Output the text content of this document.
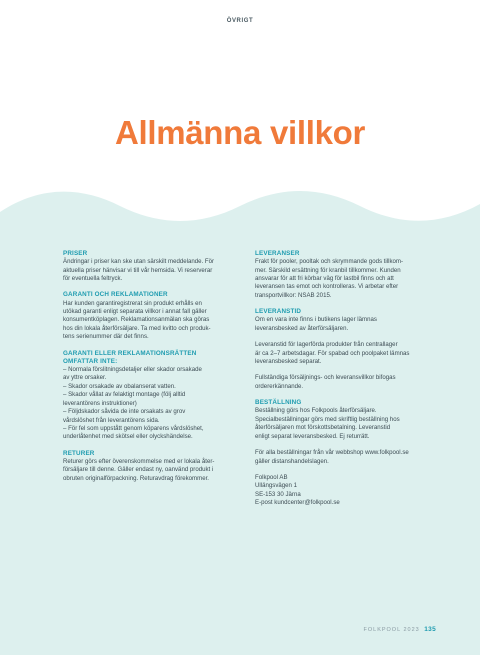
ÖVRIGT
Allmänna villkor
PRISER
Ändringar i priser kan ske utan särskilt meddelande. För
aktuella priser hänvisar vi till vår hemsida. Vi reserverar
för eventuella feltryck.
GARANTI OCH REKLAMATIONER
Har kunden garantiregistrerat sin produkt erhålls en
utökad garanti enligt separata villkor i annat fall gäller
konsumentköplagen. Reklamationsanmälan ska göras
hos din lokala återförsäljare. Ta med kvitto och produk-
tens serienummer där det finns.
GARANTI ELLER REKLAMATIONSRÄTTEN
OMFATTAR INTE:
– Normala förslitningsdetaljer eller skador orsakade
av yttre orsaker.
– Skador orsakade av obalanserat vatten.
– Skador vållat av felaktigt montage (följ alltid
leverantörens instruktioner)
– Följdskador såvida de inte orsakats av grov
vårdslöshet från leverantörens sida.
– För fel som uppstått genom köparens vårdslöshet,
underlåtenhet med skötsel eller olyckshändelse.
RETURER
Returer görs efter överenskommelse med er lokala åter-
försäljare till denne. Gäller endast ny, oanvänd produkt i
obruten originalförpackning. Returavdrag förekommer.
LEVERANSER
Frakt för pooler, pooltak och skrymmande gods tillkom-
mer. Särskild ersättning för kranbil tillkommer. Kunden
ansvarar för att fri körbar väg för lastbil finns och att
leveransen tas emot och kontrolleras. Vi arbetar efter
transportvillkor: NSAB 2015.
LEVERANSTID
Om en vara inte finns i butikens lager lämnas
leveransbesked av återförsäljaren.
Leveranstid för lagerförda produkter från centrallager
är ca 2–7 arbetsdagar. För spabad och poolpaket lämnas
leveransbesked separat.
Fullständiga försäljnings- och leveransvillkor bifogas
ordererkännande.
BESTÄLLNING
Beställning görs hos Folkpools återförsäljare.
Specialbeställningar görs med skriftlig beställning hos
återförsäljaren mot förskottsbetalning. Leveranstid
enligt separat leveransbesked. Ej returrätt.
För alla beställningar från vår webbshop www.folkpool.se
gäller distanshandelslagen.
Folkpool AB
Ullängsvägen 1
SE-153 30 Järna
E-post kundcenter@folkpool.se
FOLKPOOL 2023 135
